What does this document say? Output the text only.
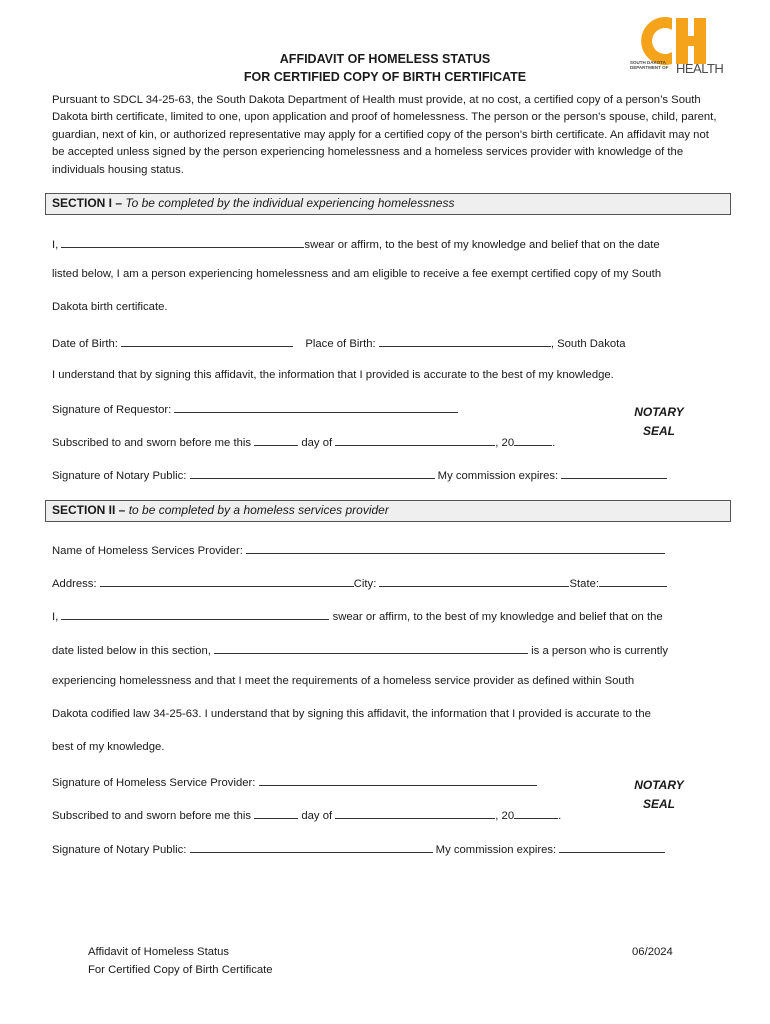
SOUTH DAKOTA
DEPARTMENT OF HEALTH
AFFIDAVIT OF HOMELESS STATUS
FOR CERTIFIED COPY OF BIRTH CERTIFICATE
Pursuant to SDCL 34-25-63, the South Dakota Department of Health must provide, at no cost, a certified copy of a person’s South Dakota birth certificate, limited to one, upon application and proof of homelessness. The person or the person's spouse, child, parent, guardian, next of kin, or authorized representative may apply for a certified copy of the person's birth certificate. An affidavit may not be accepted unless signed by the person experiencing homelessness and a homeless services provider with knowledge of the individuals housing status.
SECTION I – To be completed by the individual experiencing homelessness
I,	swear or affirm, to the best of my knowledge and belief that on the date
listed below, I am a person experiencing homelessness and am eligible to receive a fee exempt certified copy of my South
Dakota birth certificate.
Date of Birth:	Place of Birth:	, South Dakota
I understand that by signing this affidavit, the information that I provided is accurate to the best of my knowledge.
Signature of Requestor:
Subscribed to and sworn before me this	day of	, 20	.
Signature of Notary Public:	My commission expires:
NOTARY
SEAL
SECTION II – to be completed by a homeless services provider
Name of Homeless Services Provider:
Address:	City:	State:
I,	swear or affirm, to the best of my knowledge and belief that on the
date listed below in this section,	is a person who is currently
experiencing homelessness and that I meet the requirements of a homeless service provider as defined within South
Dakota codified law 34-25-63. I understand that by signing this affidavit, the information that I provided is accurate to the
best of my knowledge.
Signature of Homeless Service Provider:
Subscribed to and sworn before me this	day of	, 20	.
Signature of Notary Public:	My commission expires:
NOTARY
SEAL
Affidavit of Homeless Status
For Certified Copy of Birth Certificate
06/2024
